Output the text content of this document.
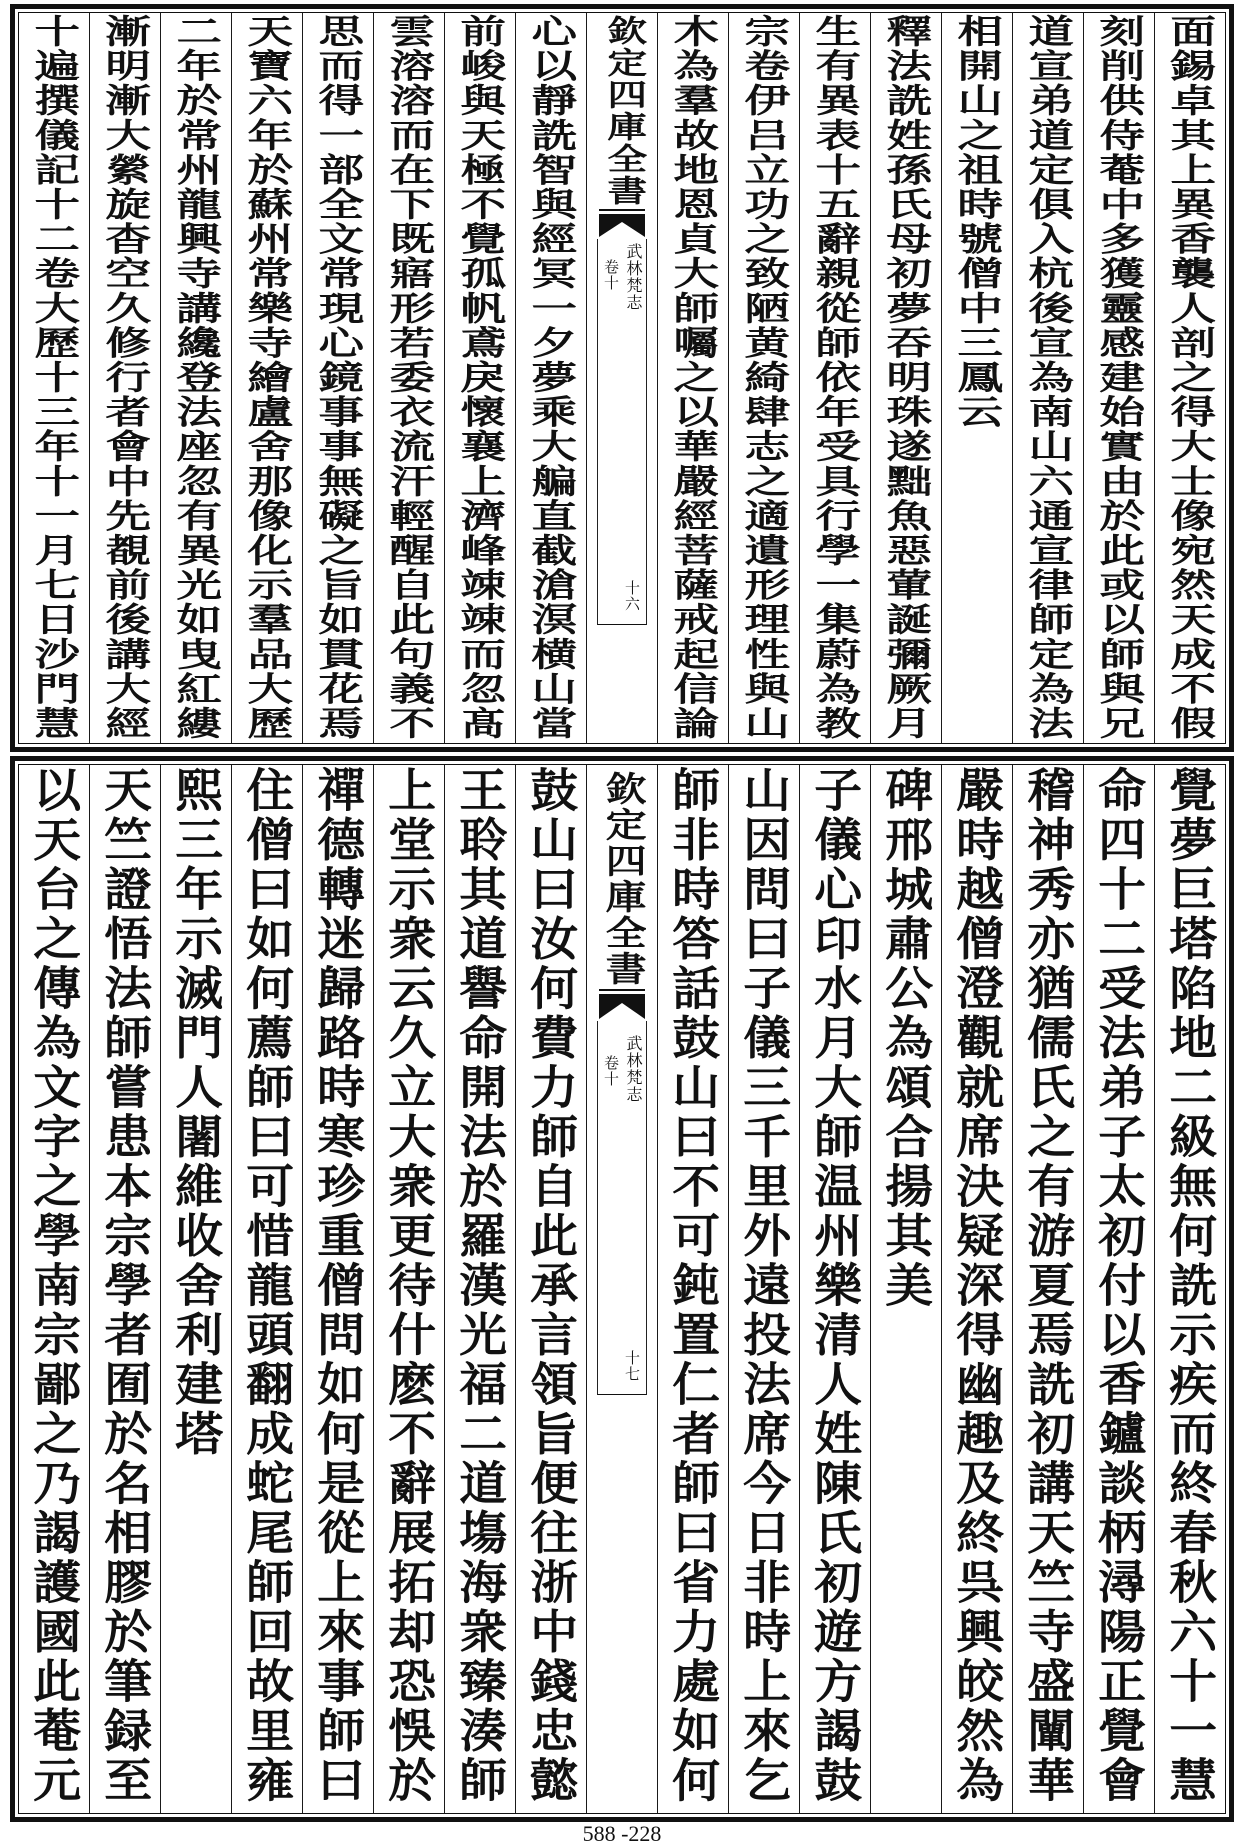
面錫卓其上異香襲人剖之得大士像宛然天成不假
刻削供侍菴中多獲靈感建始實由於此或以師與兄
道宣弟道定俱入杭後宣為南山六通宣律師定為法
相開山之祖時號僧中三鳳云
釋法詵姓孫氏母初夢吞明珠遂黜魚惡葷誕彌厥月
生有異表十五辭親從師依年受具行學一集蔚為教
宗卷伊吕立功之致陋黄綺肆志之適遺形理性與山
木為羣故地恩貞大師囑之以華嚴經菩薩戒起信論
欽定四庫全書
武林梵志
卷十
十六
心以靜詵智與經冥一夕夢乘大艑直截滄溟横山當
前峻與天極不覺孤帆鳶戾懷襄上濟峰竦竦而忽髙
雲溶溶而在下既寤形若委衣流汗輕醒自此句義不
思而得一部全文常現心鏡事事無礙之旨如貫花焉
天寶六年於蘇州常樂寺繪盧舍那像化示羣品大歷
二年於常州龍興寺講纔登法座忽有異光如曳紅縷
漸明漸大縈旋杳空久修行者會中先覩前後講大經
十遍撰儀記十二卷大歷十三年十一月七日沙門慧
覺夢巨塔陷地二級無何詵示疾而終春秋六十一慧
命四十二受法弟子太初付以香鑪談柄潯陽正覺會
稽神秀亦猶儒氏之有游夏焉詵初講天竺寺盛闡華
嚴時越僧澄觀就席決疑深得幽趣及終呉興皎然為
碑邢城肅公為頌合揚其美
子儀心印水月大師温州樂清人姓陳氏初遊方謁鼓
山因問曰子儀三千里外遠投法席今日非時上來乞
師非時答話鼓山曰不可鈍置仁者師曰省力處如何
欽定四庫全書
武林梵志
卷十
十七
鼓山曰汝何費力師自此承言領旨便往浙中錢忠懿
王聆其道譽命開法於羅漢光福二道塲海衆臻湊師
上堂示衆云久立大衆更待什麽不辭展拓却恐悞於
禪德轉迷歸路時寒珍重僧問如何是從上來事師曰
住僧曰如何薦師曰可惜龍頭翻成蛇尾師回故里雍
熙三年示滅門人闍維收舍利建塔
天竺證悟法師嘗患本宗學者囿於名相膠於筆録至
以天台之傳為文字之學南宗鄙之乃謁護國此菴元
588 -228
